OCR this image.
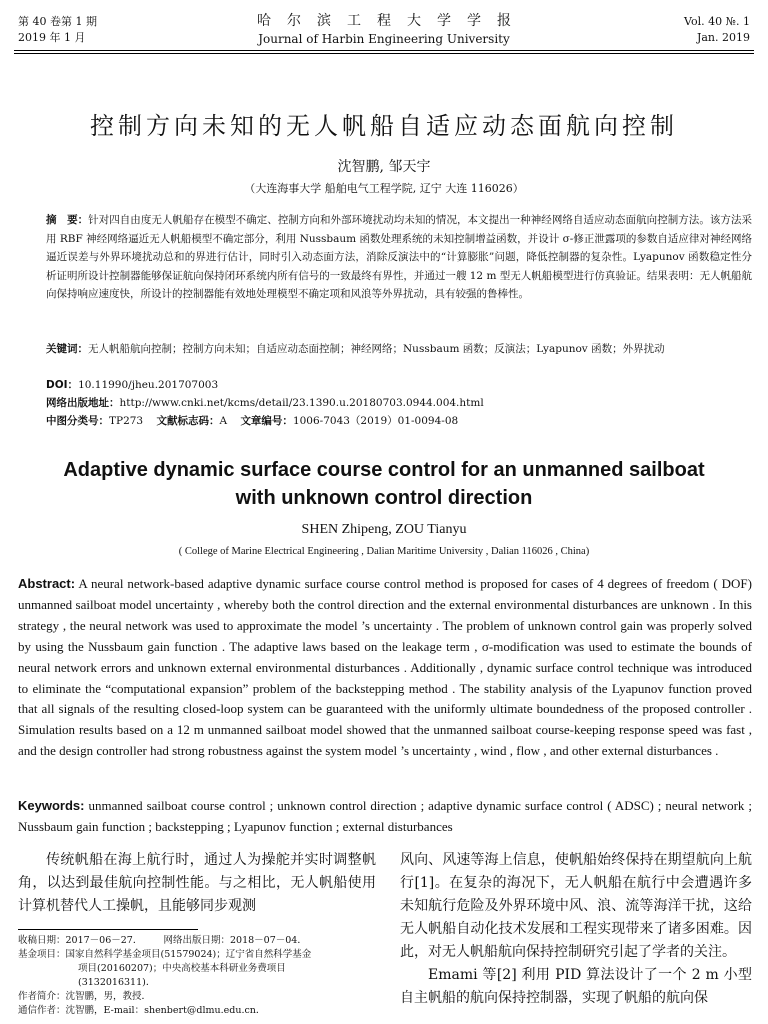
第 40 卷第 1 期
2019 年 1 月
哈尔滨工程大学学报
Journal of Harbin Engineering University
Vol. 40 №. 1
Jan. 2019
控制方向未知的无人帆船自适应动态面航向控制
沈智鹏, 邹天宇
（大连海事大学 船舶电气工程学院, 辽宁 大连 116026）
摘　要：针对四自由度无人帆船存在模型不确定、控制方向和外部环境扰动均未知的情况，本文提出一种神经网络自适应动态面航向控制方法。该方法采用 RBF 神经网络逼近无人帆船模型不确定部分，利用 Nussbaum 函数处理系统的未知控制增益函数，并设计 σ-修正泄露项的参数自适应律对神经网络逼近误差与外界环境扰动总和的界进行估计，同时引入动态面方法，消除反演法中的“计算膨胀”问题，降低控制器的复杂性。Lyapunov 函数稳定性分析证明所设计控制器能够保证航向保持闭环系统内所有信号的一致最终有界性，并通过一艘 12 m 型无人帆船模型进行仿真验证。结果表明：无人帆船航向保持响应速度快，所设计的控制器能有效地处理模型不确定项和风浪等外界扰动，具有较强的鲁棒性。
关键词：无人帆船航向控制；控制方向未知；自适应动态面控制；神经网络；Nussbaum 函数；反演法；Lyapunov 函数；外界扰动
DOI：10.11990/jheu.201707003
网络出版地址：http://www.cnki.net/kcms/detail/23.1390.u.20180703.0944.004.html
中图分类号：TP273 文献标志码：A 文章编号：1006-7043（2019）01-0094-08
Adaptive dynamic surface course control for an unmanned sailboat
with unknown control direction
SHEN Zhipeng, ZOU Tianyu
( College of Marine Electrical Engineering , Dalian Maritime University , Dalian 116026 , China)
Abstract: A neural network-based adaptive dynamic surface course control method is proposed for cases of 4 degrees of freedom ( DOF) unmanned sailboat model uncertainty , whereby both the control direction and the external environmental disturbances are unknown . In this strategy , the neural network was used to approximate the model ’s uncertainty . The problem of unknown control gain was properly solved by using the Nussbaum gain function . The adaptive laws based on the leakage term , σ-modification was used to estimate the bounds of neural network errors and unknown external environmental disturbances . Additionally , dynamic surface control technique was introduced to eliminate the “computational expansion” problem of the backstepping method . The stability analysis of the Lyapunov function proved that all signals of the resulting closed-loop system can be guaranteed with the uniformly ultimate boundedness of the proposed controller . Simulation results based on a 12 m unmanned sailboat model showed that the unmanned sailboat course-keeping response speed was fast , and the design controller had strong robustness against the system model ’s uncertainty , wind , flow , and other external disturbances .
Keywords: unmanned sailboat course control ; unknown control direction ; adaptive dynamic surface control ( ADSC) ; neural network ; Nussbaum gain function ; backstepping ; Lyapunov function ; external disturbances
传统帆船在海上航行时，通过人为操舵并实时调整帆角，以达到最佳航向控制性能。与之相比，无人帆船使用计算机替代人工操帆，且能够同步观测

风向、风速等海上信息，使帆船始终保持在期望航向上航行[1]。在复杂的海况下，无人帆船在航行中会遭遇许多未知航行危险及外界环境中风、浪、流等海洋干扰，这给无人帆船自动化技术发展和工程实现带来了诸多困难。因此，对无人帆船航向保持控制研究引起了学者的关注。

Emami 等[2] 利用 PID 算法设计了一个 2 m 小型自主帆船的航向保持控制器，实现了帆船的航向保

收稿日期：2017－06－27． 网络出版日期：2018－07－04．
基金项目：国家自然科学基金项目(51579024)；辽宁省自然科学基金
项目(20160207)；中央高校基本科研业务费项目
(3132016311)．
作者简介：沈智鹏，男，教授．
通信作者：沈智鹏，E-mail：shenbert@dlmu.edu.cn．
